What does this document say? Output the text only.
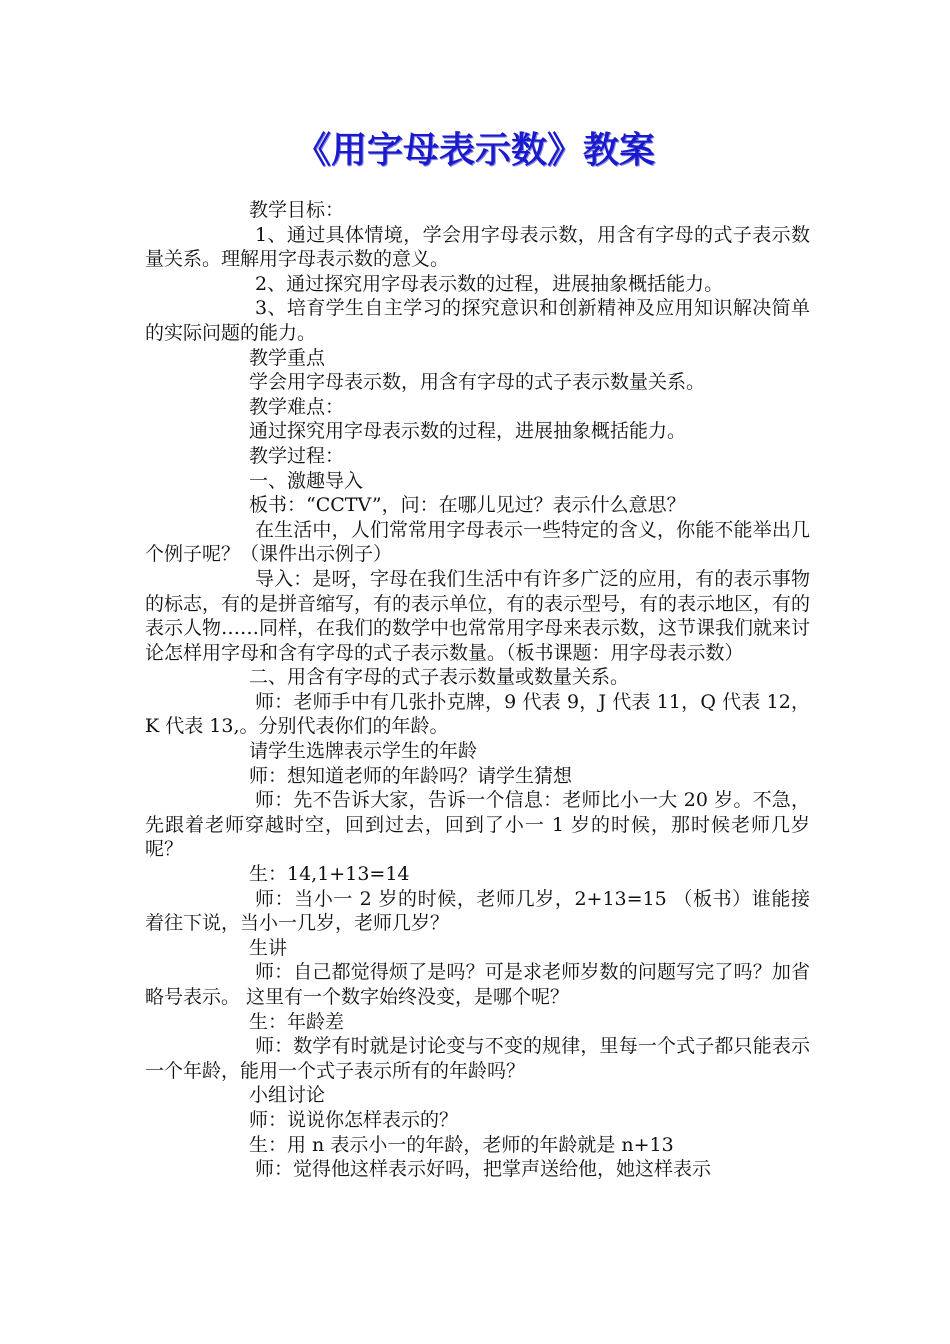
《用字母表示数》教案

教学目标：

1、通过具体情境，学会用字母表示数，用含有字母的式子表示数量关系。理解用字母表示数的意义。

2、通过探究用字母表示数的过程，进展抽象概括能力。

3、培育学生自主学习的探究意识和创新精神及应用知识解决简单的实际问题的能力。

教学重点

学会用字母表示数，用含有字母的式子表示数量关系。

教学难点：

通过探究用字母表示数的过程，进展抽象概括能力。

教学过程：

一、激趣导入

板书：“CCTV”，问：在哪儿见过？表示什么意思？

在生活中，人们常常用字母表示一些特定的含义，你能不能举出几个例子呢？（课件出示例子）

导入：是呀，字母在我们生活中有许多广泛的应用，有的表示事物的标志，有的是拼音缩写，有的表示单位，有的表示型号，有的表示地区，有的表示人物……同样，在我们的数学中也常常用字母来表示数，这节课我们就来讨论怎样用字母和含有字母的式子表示数量。（板书课题：用字母表示数）

二、用含有字母的式子表示数量或数量关系。

师：老师手中有几张扑克牌，9 代表 9，J 代表 11，Q 代表 12，K 代表 13,。分别代表你们的年龄。

请学生选牌表示学生的年龄

师：想知道老师的年龄吗？请学生猜想

师：先不告诉大家，告诉一个信息：老师比小一大 20 岁。不急，先跟着老师穿越时空，回到过去，回到了小一 1 岁的时候，那时候老师几岁呢？

生：14,1+13=14

师：当小一 2 岁的时候，老师几岁，2+13=15 （板书）谁能接着往下说，当小一几岁，老师几岁？

生讲

师：自己都觉得烦了是吗？可是求老师岁数的问题写完了吗？加省略号表示。 这里有一个数字始终没变，是哪个呢？

生：年龄差

师：数学有时就是讨论变与不变的规律，里每一个式子都只能表示一个年龄，能用一个式子表示所有的年龄吗？

小组讨论

师：说说你怎样表示的？

生：用 n 表示小一的年龄，老师的年龄就是 n+13

师：觉得他这样表示好吗，把掌声送给他，她这样表示
